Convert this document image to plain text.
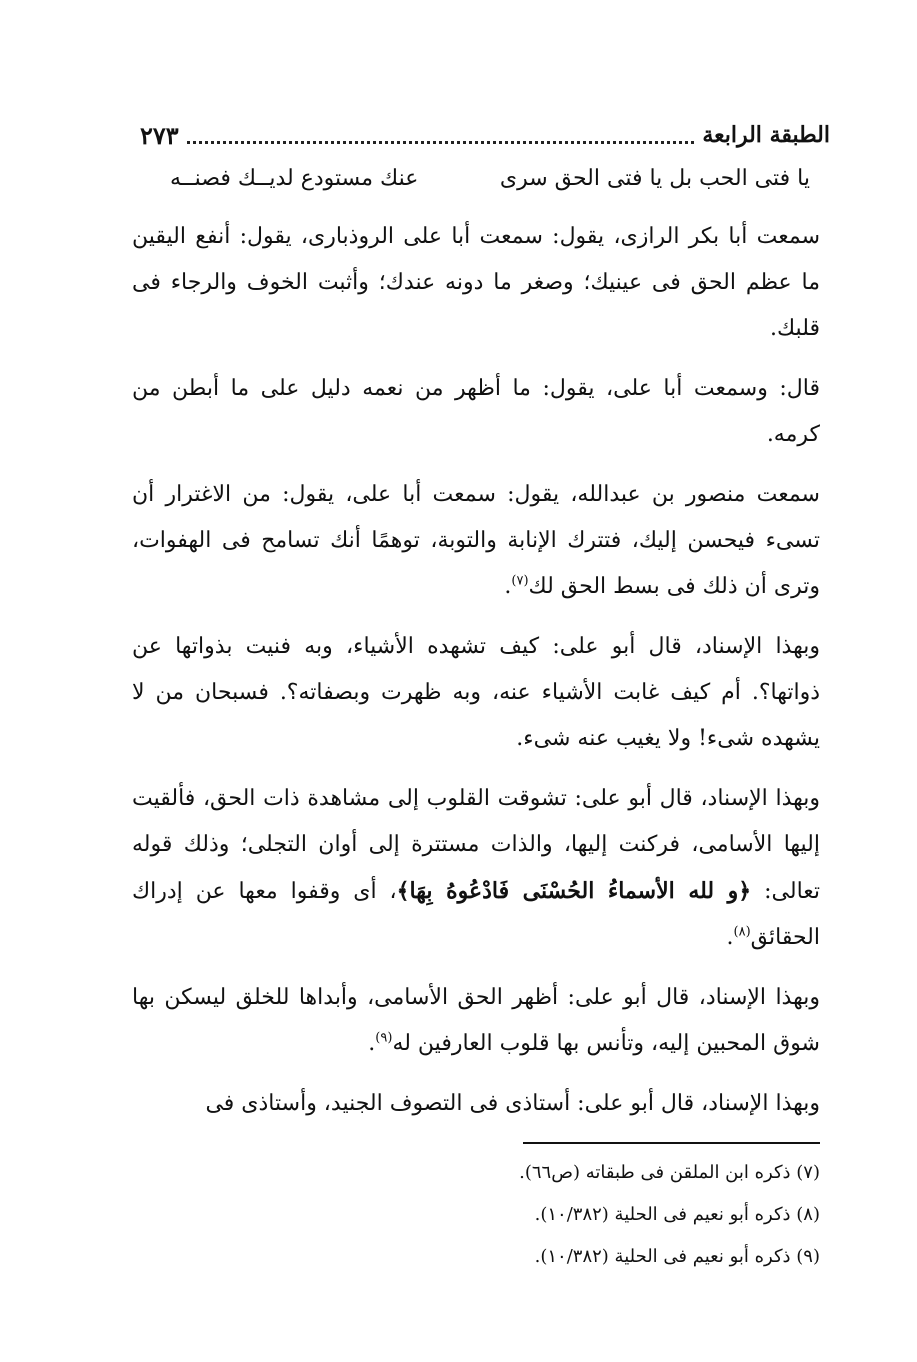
الطبقة الرابعة
٢٧٣
يا فتى الحب بل يا فتى الحق سرى
عنك مستودع لديــك فصنــه

سمعت أبا بكر الرازى، يقول: سمعت أبا على الروذبارى، يقول: أنفع اليقين ما عظم الحق فى عينيك؛ وصغر ما دونه عندك؛ وأثبت الخوف والرجاء فى قلبك.

قال: وسمعت أبا على، يقول: ما أظهر من نعمه دليل على ما أبطن من كرمه.

سمعت منصور بن عبدالله، يقول: سمعت أبا على، يقول: من الاغترار أن تسىء فيحسن إليك، فتترك الإنابة والتوبة، توهمًا أنك تسامح فى الهفوات، وترى أن ذلك فى بسط الحق لك$^{(٧)}$.

وبهذا الإسناد، قال أبو على: كيف تشهده الأشياء، وبه فنيت بذواتها عن ذواتها؟. أم كيف غابت الأشياء عنه، وبه ظهرت وبصفاته؟. فسبحان من لا يشهده شىء! ولا يغيب عنه شىء.

وبهذا الإسناد، قال أبو على: تشوقت القلوب إلى مشاهدة ذات الحق، فألقيت إليها الأسامى، فركنت إليها، والذات مستترة إلى أوان التجلى؛ وذلك قوله تعالى: ﴿و لله الأسماءُ الحُسْنَى فَادْعُوهُ بِهَا﴾، أى وقفوا معها عن إدراك الحقائق$^{(٨)}$.

وبهذا الإسناد، قال أبو على: أظهر الحق الأسامى، وأبداها للخلق ليسكن بها شوق المحبين إليه، وتأنس بها قلوب العارفين له$^{(٩)}$.

وبهذا الإسناد، قال أبو على: أستاذى فى التصوف الجنيد، وأستاذى فى

(٧) ذكره ابن الملقن فى طبقاته (ص٦٦).
(٨) ذكره أبو نعيم فى الحلية (١٠/٣٨٢).
(٩) ذكره أبو نعيم فى الحلية (١٠/٣٨٢).
